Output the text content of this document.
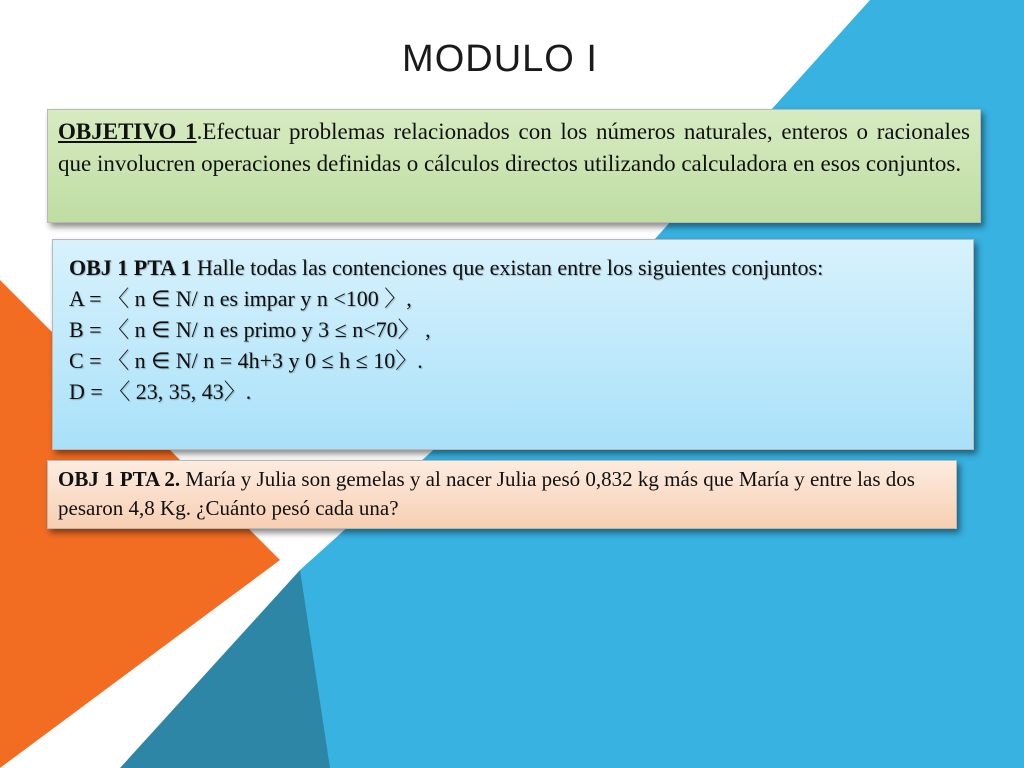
MODULO I
OBJETIVO 1.Efectuar problemas relacionados con los números naturales, enteros o racionales que involucren operaciones definidas o cálculos directos utilizando calculadora en esos conjuntos.
OBJ 1 PTA 1 Halle todas las contenciones que existan entre los siguientes conjuntos:
A = 〈 n ∈ N/ n es impar y n <100 〉,
B = 〈 n ∈ N/ n es primo y 3 ≤ n<70〉 ,
C = 〈 n ∈ N/ n = 4h+3 y 0 ≤ h ≤ 10〉.
D = 〈 23, 35, 43〉.
OBJ 1 PTA 2. María y Julia son gemelas y al nacer Julia pesó 0,832 kg más que María y entre las dos pesaron 4,8 Kg. ¿Cuánto pesó cada una?
